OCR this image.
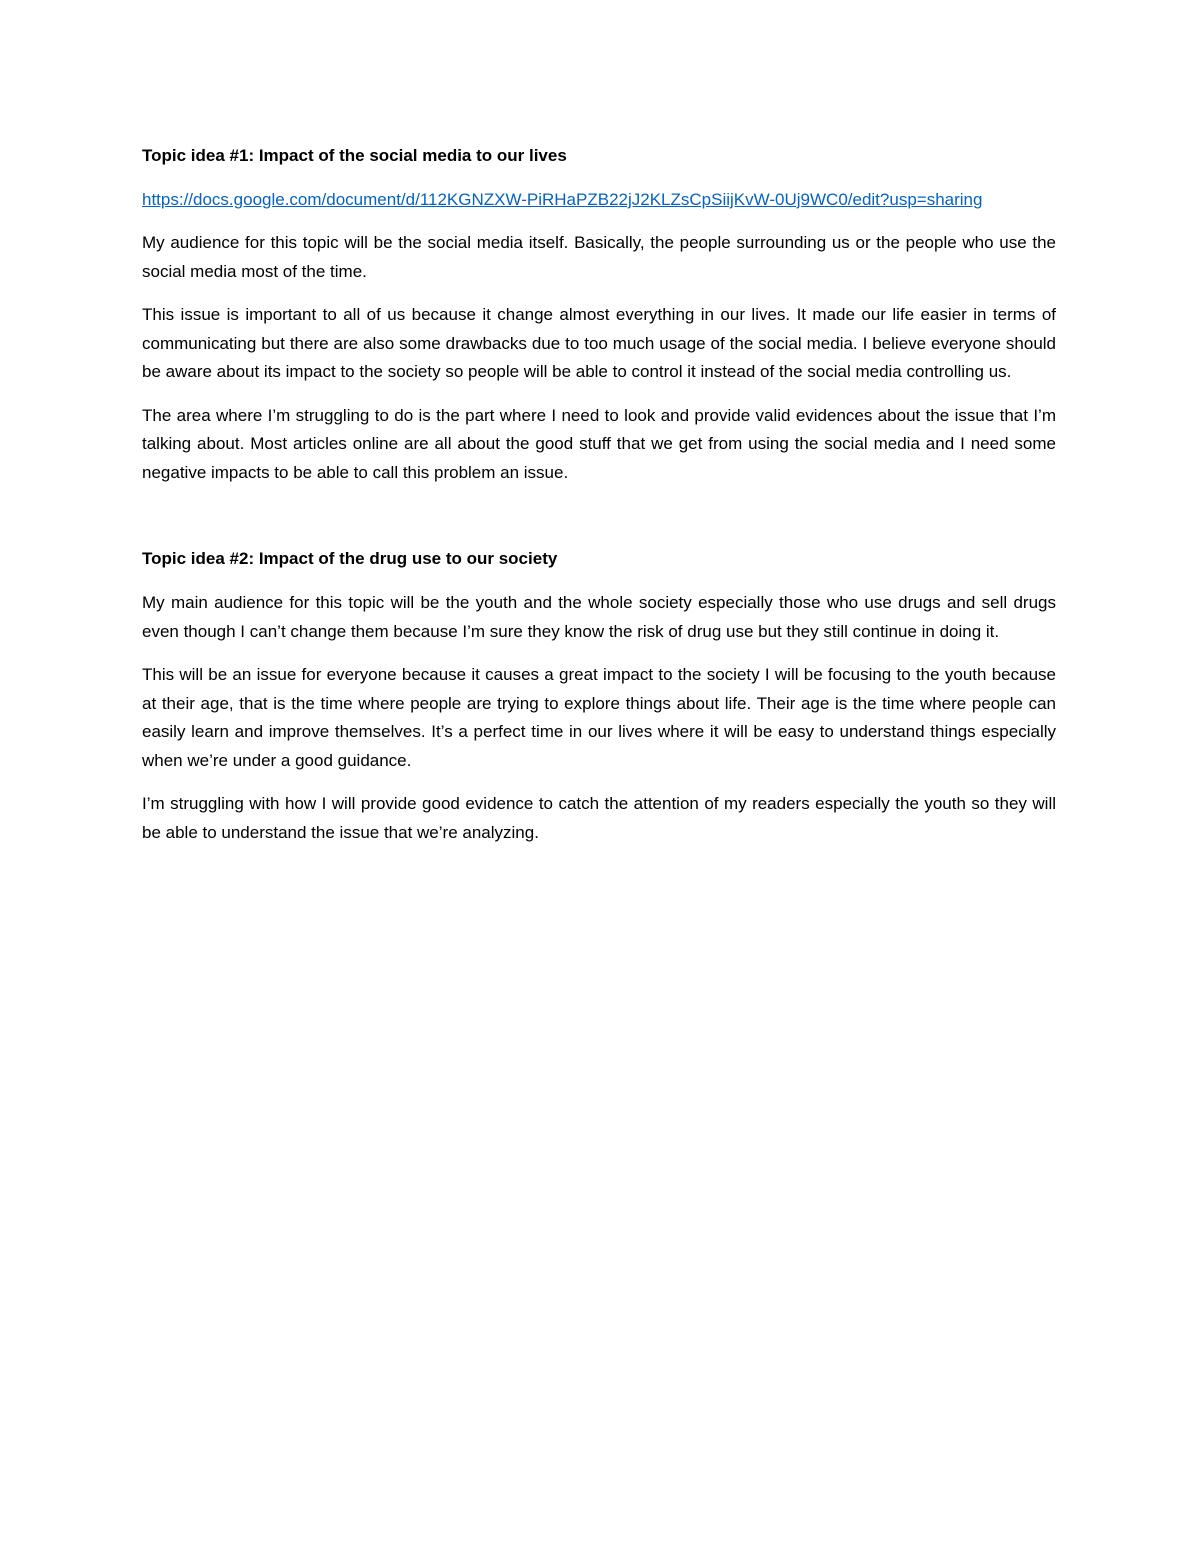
Topic idea #1: Impact of the social media to our lives
https://docs.google.com/document/d/112KGNZXW-PiRHaPZB22jJ2KLZsCpSiijKvW-0Uj9WC0/edit?usp=sharing

My audience for this topic will be the social media itself. Basically, the people surrounding us or the people who use the social media most of the time.

This issue is important to all of us because it change almost everything in our lives. It made our life easier in terms of communicating but there are also some drawbacks due to too much usage of the social media. I believe everyone should be aware about its impact to the society so people will be able to control it instead of the social media controlling us.

The area where I’m struggling to do is the part where I need to look and provide valid evidences about the issue that I’m talking about. Most articles online are all about the good stuff that we get from using the social media and I need some negative impacts to be able to call this problem an issue.

Topic idea #2: Impact of the drug use to our society

My main audience for this topic will be the youth and the whole society especially those who use drugs and sell drugs even though I can’t change them because I’m sure they know the risk of drug use but they still continue in doing it.

This will be an issue for everyone because it causes a great impact to the society I will be focusing to the youth because at their age, that is the time where people are trying to explore things about life. Their age is the time where people can easily learn and improve themselves. It’s a perfect time in our lives where it will be easy to understand things especially when we’re under a good guidance.

I’m struggling with how I will provide good evidence to catch the attention of my readers especially the youth so they will be able to understand the issue that we’re analyzing.
